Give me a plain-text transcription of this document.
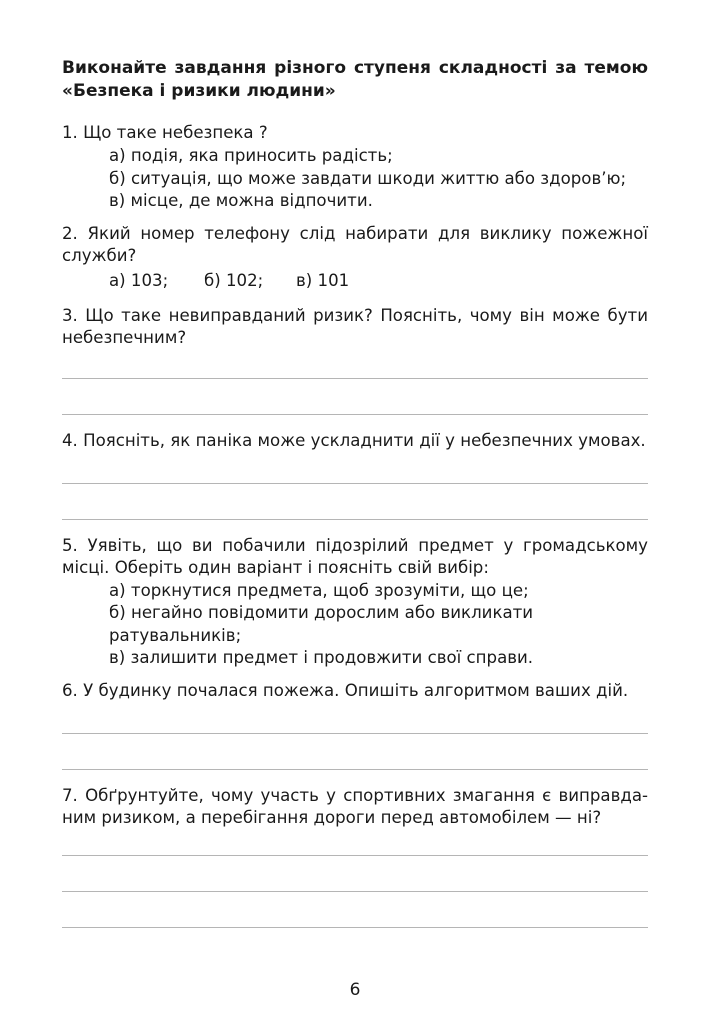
Виконайте завдання різного ступеня складності за темою
«Безпека і ризики людини»
1. Що таке небезпека ?
а) подія, яка приносить радість;
б) ситуація, що може завдати шкоди життю або здоров’ю;
в) місце, де можна відпочити.
2. Який номер телефону слід набирати для виклику пожежної
служби?
а) 103;	б) 102;	в) 101
3. Що таке невиправданий ризик? Поясніть, чому він може бути
небезпечним?
4. Поясніть, як паніка може ускладнити дії у небезпечних умовах.
5. Уявіть, що ви побачили підозрілий предмет у громадському
місці. Оберіть один варіант і поясніть свій вибір:
а) торкнутися предмета, щоб зрозуміти, що це;
б) негайно повідомити дорослим або викликати
ратувальників;
в) залишити предмет і продовжити свої справи.
6. У будинку почалася пожежа. Опишіть алгоритмом ваших дій.
7. Обґрунтуйте, чому участь у спортивних змагання є виправда-
ним ризиком, а перебігання дороги перед автомобілем — ні?
6
